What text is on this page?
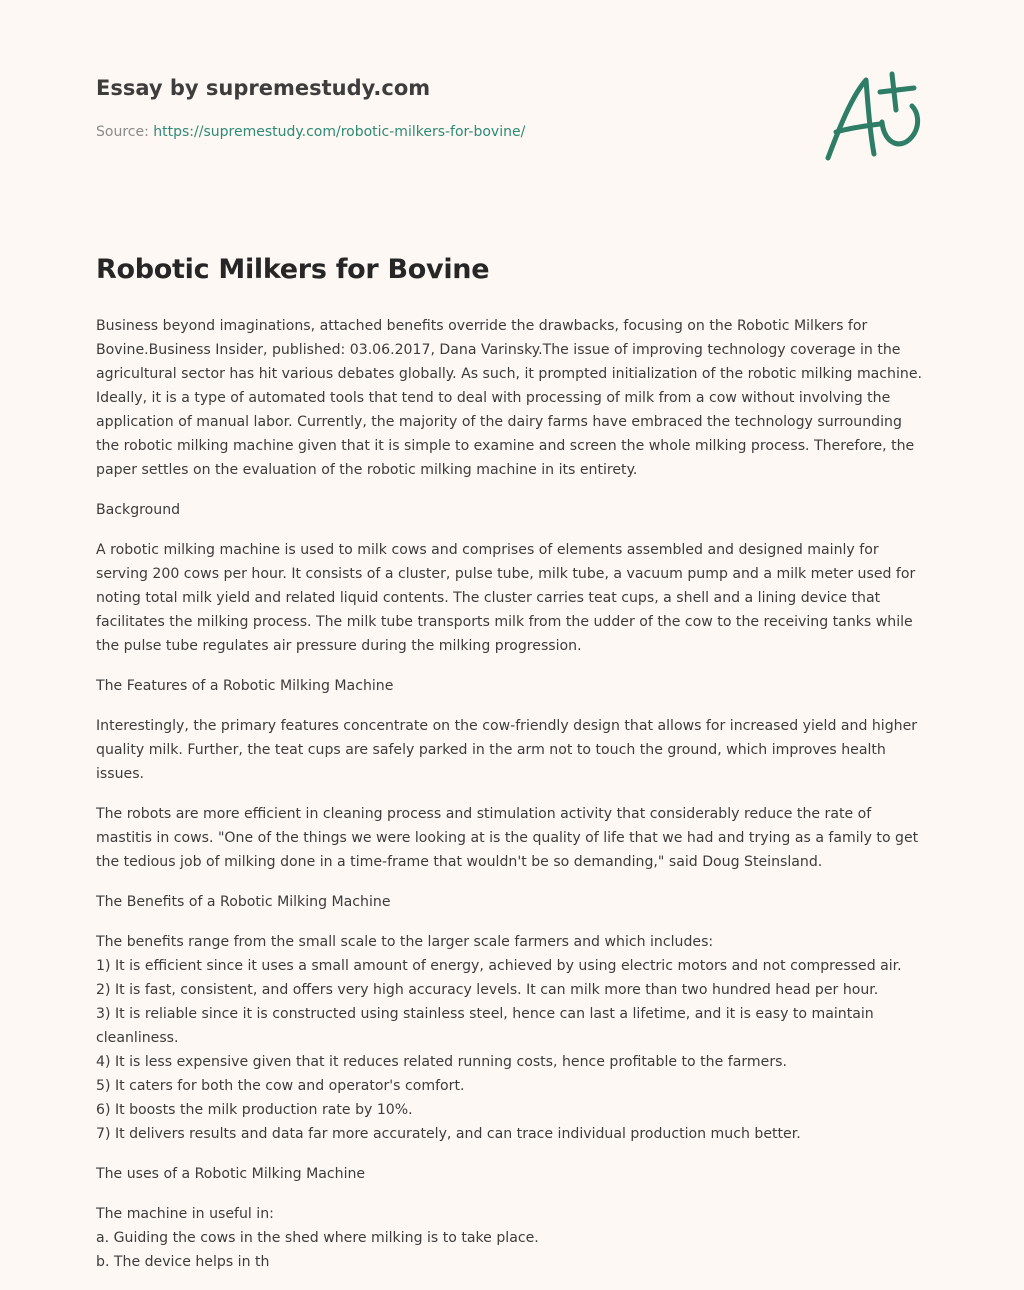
Essay by supremestudy.com
Source: https://supremestudy.com/robotic-milkers-for-bovine/
Robotic Milkers for Bovine

Business beyond imaginations, attached benefits override the drawbacks, focusing on the Robotic Milkers for Bovine.Business Insider, published: 03.06.2017, Dana Varinsky.The issue of improving technology coverage in the agricultural sector has hit various debates globally. As such, it prompted initialization of the robotic milking machine. Ideally, it is a type of automated tools that tend to deal with processing of milk from a cow without involving the application of manual labor. Currently, the majority of the dairy farms have embraced the technology surrounding the robotic milking machine given that it is simple to examine and screen the whole milking process. Therefore, the paper settles on the evaluation of the robotic milking machine in its entirety.

Background

A robotic milking machine is used to milk cows and comprises of elements assembled and designed mainly for serving 200 cows per hour. It consists of a cluster, pulse tube, milk tube, a vacuum pump and a milk meter used for noting total milk yield and related liquid contents. The cluster carries teat cups, a shell and a lining device that facilitates the milking process. The milk tube transports milk from the udder of the cow to the receiving tanks while the pulse tube regulates air pressure during the milking progression.

The Features of a Robotic Milking Machine

Interestingly, the primary features concentrate on the cow-friendly design that allows for increased yield and higher quality milk. Further, the teat cups are safely parked in the arm not to touch the ground, which improves health issues.

The robots are more efficient in cleaning process and stimulation activity that considerably reduce the rate of mastitis in cows. "One of the things we were looking at is the quality of life that we had and trying as a family to get the tedious job of milking done in a time-frame that wouldn't be so demanding," said Doug Steinsland.

The Benefits of a Robotic Milking Machine

The benefits range from the small scale to the larger scale farmers and which includes:
1) It is efficient since it uses a small amount of energy, achieved by using electric motors and not compressed air.
2) It is fast, consistent, and offers very high accuracy levels. It can milk more than two hundred head per hour.
3) It is reliable since it is constructed using stainless steel, hence can last a lifetime, and it is easy to maintain cleanliness.
4) It is less expensive given that it reduces related running costs, hence profitable to the farmers.
5) It caters for both the cow and operator's comfort.
6) It boosts the milk production rate by 10%.
7) It delivers results and data far more accurately, and can trace individual production much better.

The uses of a Robotic Milking Machine

The machine in useful in:
a. Guiding the cows in the shed where milking is to take place.
b. The device helps in th
